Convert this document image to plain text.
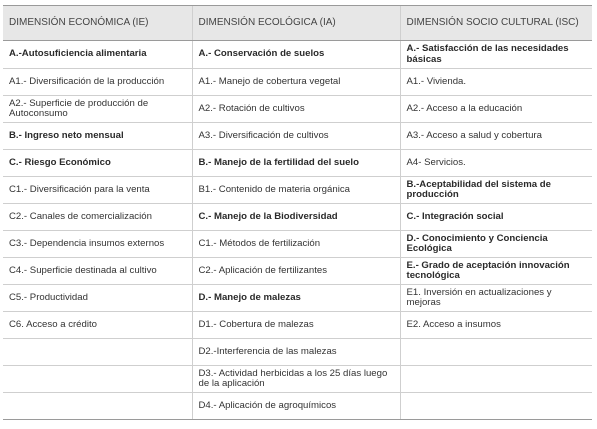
DIMENSIÓN ECONÓMICA (IE)	DIMENSIÓN ECOLÓGICA (IA)	DIMENSIÓN SOCIO CULTURAL (ISC)
A.-Autosuficiencia alimentaria	A.- Conservación de suelos	A.- Satisfacción de las necesidades básicas
A1.- Diversificación de la producción	A1.- Manejo de cobertura vegetal	A1.- Vivienda.
A2.- Superficie de producción de Autoconsumo	A2.- Rotación de cultivos	A2.- Acceso a la educación
B.- Ingreso neto mensual	A3.- Diversificación de cultivos	A3.- Acceso a salud y cobertura
C.- Riesgo Económico	B.- Manejo de la fertilidad del suelo	A4- Servicios.
C1.- Diversificación para la venta	B1.- Contenido de materia orgánica	B.-Aceptabilidad del sistema de producción
C2.- Canales de comercialización	C.- Manejo de la Biodiversidad	C.- Integración social
C3.- Dependencia insumos externos	C1.- Métodos de fertilización	D.- Conocimiento y Conciencia Ecológica
C4.- Superficie destinada al cultivo	C2.- Aplicación de fertilizantes	E.- Grado de aceptación innovación tecnológica
C5.- Productividad	D.- Manejo de malezas	E1. Inversión en actualizaciones y mejoras
C6. Acceso a crédito	D1.- Cobertura de malezas	E2. Acceso a insumos
	D2.-Interferencia de las malezas	
	D3.- Actividad herbicidas a los 25 días luego de la aplicación	
	D4.- Aplicación de agroquímicos	
